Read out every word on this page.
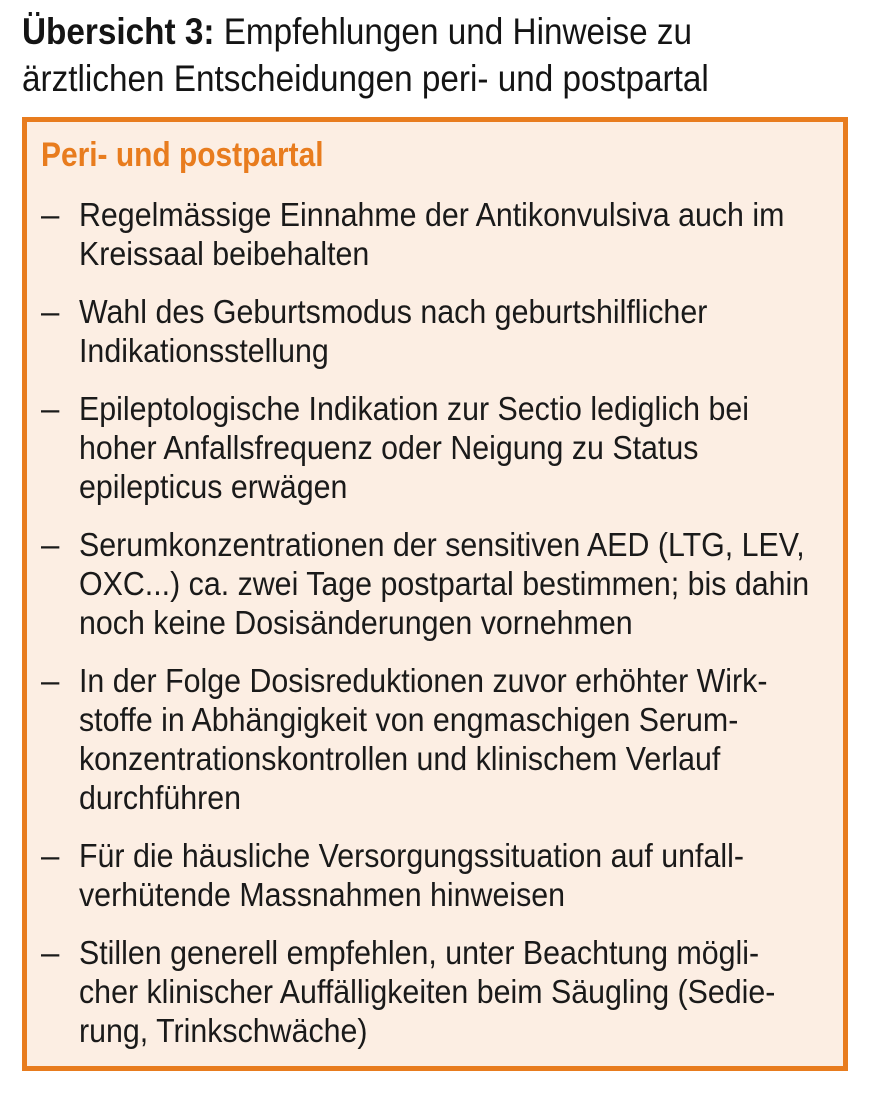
Übersicht 3: Empfehlungen und Hinweise zu
ärztlichen Entscheidungen peri- und postpartal
Peri- und postpartal
– Regelmässige Einnahme der Antikonvulsiva auch im
Kreissaal beibehalten
– Wahl des Geburtsmodus nach geburtshilflicher
Indikationsstellung
– Epileptologische Indikation zur Sectio lediglich bei
hoher Anfallsfrequenz oder Neigung zu Status
epilepticus erwägen
– Serumkonzentrationen der sensitiven AED (LTG, LEV,
OXC...) ca. zwei Tage postpartal bestimmen; bis dahin
noch keine Dosisänderungen vornehmen
– In der Folge Dosisreduktionen zuvor erhöhter Wirk-
stoffe in Abhängigkeit von engmaschigen Serum-
konzentrationskontrollen und klinischem Verlauf
durchführen
– Für die häusliche Versorgungssituation auf unfall-
verhütende Massnahmen hinweisen
– Stillen generell empfehlen, unter Beachtung mögli-
cher klinischer Auffälligkeiten beim Säugling (Sedie-
rung, Trinkschwäche)
